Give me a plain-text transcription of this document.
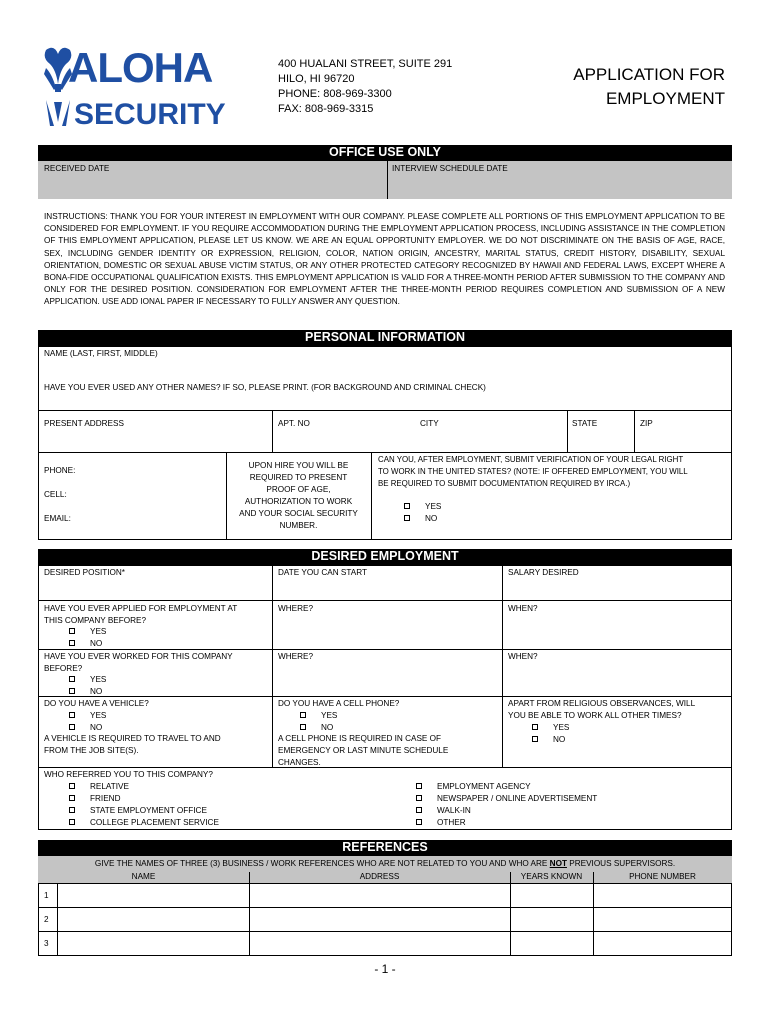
ALOHA
SECURITY
400 HUALANI STREET, SUITE 291
HILO, HI 96720
PHONE: 808-969-3300
FAX: 808-969-3315
APPLICATION FOR
EMPLOYMENT
OFFICE USE ONLY
RECEIVED DATE	INTERVIEW SCHEDULE DATE
INSTRUCTIONS: THANK YOU FOR YOUR INTEREST IN EMPLOYMENT WITH OUR COMPANY. PLEASE COMPLETE ALL PORTIONS OF THIS EMPLOYMENT APPLICATION TO BE CONSIDERED FOR EMPLOYMENT. IF YOU REQUIRE ACCOMMODATION DURING THE EMPLOYMENT APPLICATION PROCESS, INCLUDING ASSISTANCE IN THE COMPLETION OF THIS EMPLOYMENT APPLICATION, PLEASE LET US KNOW. WE ARE AN EQUAL OPPORTUNITY EMPLOYER. WE DO NOT DISCRIMINATE ON THE BASIS OF AGE, RACE, SEX, INCLUDING GENDER IDENTITY OR EXPRESSION, RELIGION, COLOR, NATION ORIGIN, ANCESTRY, MARITAL STATUS, CREDIT HISTORY, DISABILITY, SEXUAL ORIENTATION, DOMESTIC OR SEXUAL ABUSE VICTIM STATUS, OR ANY OTHER PROTECTED CATEGORY RECOGNIZED BY HAWAII AND FEDERAL LAWS, EXCEPT WHERE A BONA-FIDE OCCUPATIONAL QUALIFICATION EXISTS. THIS EMPLOYMENT APPLICATION IS VALID FOR A THREE-MONTH PERIOD AFTER SUBMISSION TO THE COMPANY AND ONLY FOR THE DESIRED POSITION. CONSIDERATION FOR EMPLOYMENT AFTER THE THREE-MONTH PERIOD REQUIRES COMPLETION AND SUBMISSION OF A NEW APPLICATION. USE ADD IONAL PAPER IF NECESSARY TO FULLY ANSWER ANY QUESTION.
PERSONAL INFORMATION
NAME (LAST, FIRST, MIDDLE)
HAVE YOU EVER USED ANY OTHER NAMES? IF SO, PLEASE PRINT. (FOR BACKGROUND AND CRIMINAL CHECK)
PRESENT ADDRESS	APT. NO	CITY	STATE	ZIP
PHONE:
CELL:
EMAIL:
UPON HIRE YOU WILL BE
REQUIRED TO PRESENT
PROOF OF AGE,
AUTHORIZATION TO WORK
AND YOUR SOCIAL SECURITY
NUMBER.
CAN YOU, AFTER EMPLOYMENT, SUBMIT VERIFICATION OF YOUR LEGAL RIGHT
TO WORK IN THE UNITED STATES? (NOTE: IF OFFERED EMPLOYMENT, YOU WILL
BE REQUIRED TO SUBMIT DOCUMENTATION REQUIRED BY IRCA.)
YES
NO
DESIRED EMPLOYMENT
DESIRED POSITION*	DATE YOU CAN START	SALARY DESIRED
HAVE YOU EVER APPLIED FOR EMPLOYMENT AT
THIS COMPANY BEFORE?
YES
NO
WHERE?	WHEN?
HAVE YOU EVER WORKED FOR THIS COMPANY
BEFORE?
YES
NO
WHERE?	WHEN?
DO YOU HAVE A VEHICLE?
YES
NO
A VEHICLE IS REQUIRED TO TRAVEL TO AND
FROM THE JOB SITE(S).
DO YOU HAVE A CELL PHONE?
YES
NO
A CELL PHONE IS REQUIRED IN CASE OF
EMERGENCY OR LAST MINUTE SCHEDULE
CHANGES.
APART FROM RELIGIOUS OBSERVANCES, WILL
YOU BE ABLE TO WORK ALL OTHER TIMES?
YES
NO
WHO REFERRED YOU TO THIS COMPANY?
RELATIVE
FRIEND
STATE EMPLOYMENT OFFICE
COLLEGE PLACEMENT SERVICE
EMPLOYMENT AGENCY
NEWSPAPER / ONLINE ADVERTISEMENT
WALK-IN
OTHER
REFERENCES
GIVE THE NAMES OF THREE (3) BUSINESS / WORK REFERENCES WHO ARE NOT RELATED TO YOU AND WHO ARE NOT PREVIOUS SUPERVISORS.
NAME	ADDRESS	YEARS KNOWN	PHONE NUMBER
1
2
3
- 1 -
